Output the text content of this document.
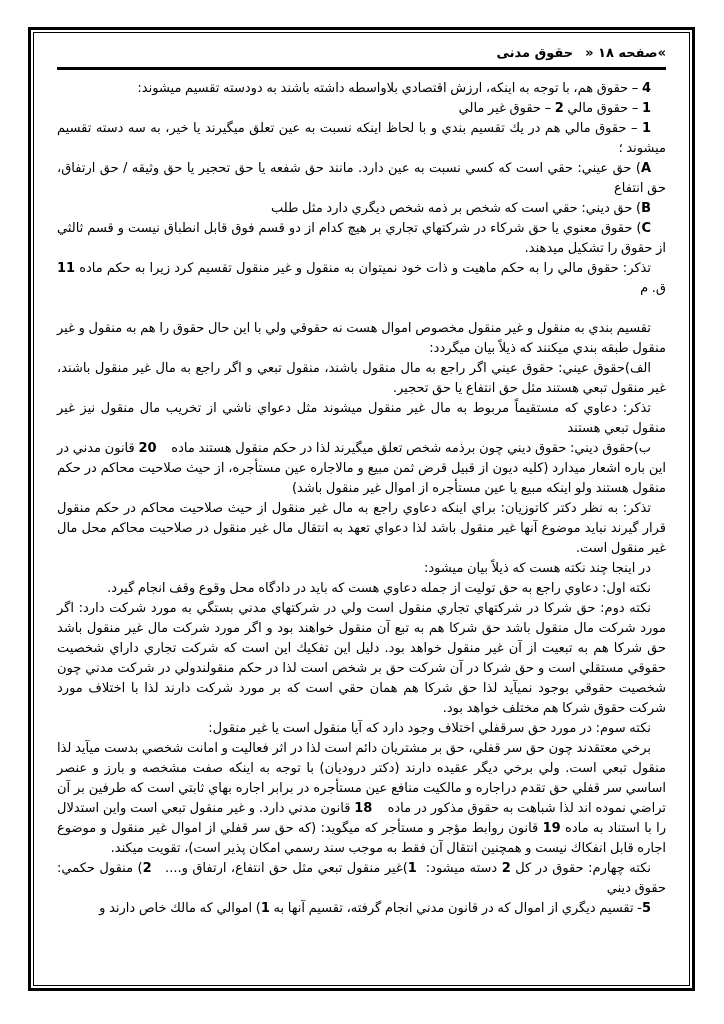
»صفحه ۱۸ «حقوق مدنی

4 – حقوق هم، با توجه به اینکه، ارزش اقتصادي بلاواسطه داشته باشند به دودسته تقسیم ميشوند:

1 – حقوق مالي 2 – حقوق غیر مالي

1 – حقوق مالي هم در یك تقسیم بندي و با لحاظ اینکه نسبت به عین تعلق ميگیرند یا خیر، به سه دسته تقسیم ميشوند ؛

A) حق عیني: حقي است که کسي نسبت به عین دارد. مانند حق شفعه یا حق تحجیر یا حق وثیقه / حق ارتفاق، حق انتفاع

B) حق دیني: حقي است که شخص بر ذمه شخص دیگري دارد مثل طلب

C) حقوق معنوي یا حق شرکاء در شرکتهاي تجاري بر هیچ کدام از دو قسم فوق قابل انطباق نیست و قسم ثالثي از حقوق را تشکیل ميدهند.

تذکر: حقوق مالي را به حکم ماهیت و ذات خود نميتوان به منقول و غیر منقول تقسیم کرد زیرا به حکم ماده 11 ق. م

تقسیم بندي به منقول و غیر منقول مخصوص اموال هست نه حقوقي ولي با این حال حقوق را هم به منقول و غیر منقول طبقه بندي ميکنند که ذیلاً بیان ميگردد:

الف)حقوق عیني: حقوق عیني اگر راجع به مال منقول باشند، منقول تبعي و اگر راجع به مال غیر منقول باشند، غیر منقول تبعي هستند مثل حق انتفاع یا حق تحجیر.

تذکر: دعاوي که مستقیماً مربوط به مال غیر منقول ميشوند مثل دعواي ناشي از تخریب مال منقول نیز غیر منقول تبعي هستند

ب)حقوق دیني: حقوق دیني چون برذمه شخص تعلق ميگیرند لذا در حکم منقول هستند ماده    20 قانون مدني در این باره اشعار ميدارد (کلیه دیون از قبیل قرض ثمن مبیع و مالاجاره عین مستأجره، از حیث صلاحیت محاکم در حکم منقول هستند ولو اینکه مبیع یا عین مستأجره از اموال غیر منقول باشد)

تذکر: به نظر دکتر کاتوزیان: براي اینکه دعاوي راجع به مال غیر منقول از حیث صلاحیت محاکم در حکم منقول قرار گیرند نباید موضوع آنها غیر منقول باشد لذا دعواي تعهد به انتقال مال غیر منقول در صلاحیت محاکم محل مال غیر منقول است.

در اینجا چند نکته هست که ذیلاً بیان ميشود:

نکته اول: دعاوي راجع به حق تولیت از جمله دعاوي هست که باید در دادگاه محل وقوع وقف انجام گیرد.

نکته دوم: حق شرکا در شرکتهاي تجاري منقول است ولي در شرکتهاي مدني بستگي به مورد شرکت دارد: اگر مورد شرکت مال منقول باشد حق شرکا هم به تبع آن منقول خواهند بود و اگر مورد شرکت مال غیر منقول باشد حق شرکا هم به تبعیت از آن غیر منقول خواهد بود. دلیل این تفکیك این است که شرکت تجاري داراي شخصیت حقوقي مستقلي است و حق شرکا در آن شرکت حق بر شخص است لذا در حکم منقولندولي در شرکت مدني چون شخصیت حقوقي بوجود نميآید لذا حق شرکا هم همان حقي است که بر مورد شرکت دارند لذا با اختلاف مورد شرکت حقوق شرکا هم مختلف خواهد بود.

نکته سوم: در مورد حق سرقفلي اختلاف وجود دارد که آیا منقول است یا غیر منقول:

برخي معتقدند چون حق سر قفلي، حق بر مشتریان دائم است لذا در اثر فعالیت و امانت شخصي بدست ميآید لذا منقول تبعي است. ولي برخي دیگر عقیده دارند (دکتر درودیان) با توجه به اینکه صفت مشخصه و بارز و عنصر اساسي سر قفلي حق تقدم دراجاره و مالکیت منافع عین مستأجره در برابر اجاره بهاي ثابتي است که طرفین بر آن تراضي نموده اند لذا شباهت به حقوق مذکور در ماده    18 قانون مدني دارد. و غیر منقول تبعي است واین استدلال را با استناد به ماده 19 قانون روابط مؤجر و مستأجر که ميگوید: (که حق سر قفلي از اموال غیر منقول و موضوع اجاره قابل انفکاك نیست و همچنین انتقال آن فقط به موجب سند رسمي امکان پذیر است)، تقویت ميکند.

نکته چهارم: حقوق در کل 2 دسته ميشود:  1)غیر منقول تبعي مثل حق انتفاع، ارتفاق و....   2) منقول حکمي: حقوق دیني

5- تقسیم دیگري از اموال که در قانون مدني انجام گرفته، تقسیم آنها به 1) اموالي که مالك خاص دارند و
